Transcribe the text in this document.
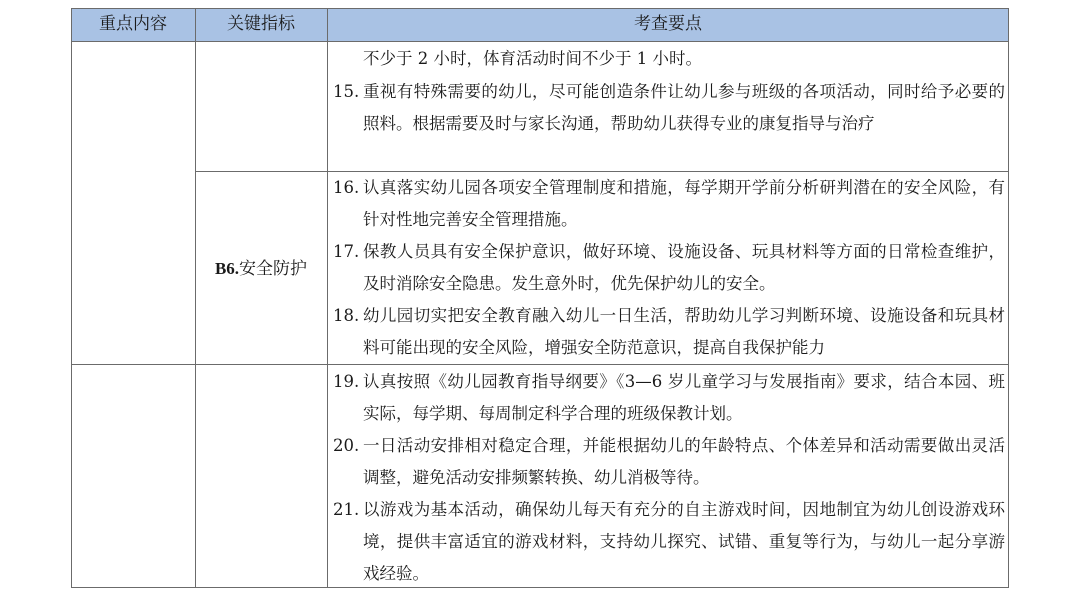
重点内容	关键指标	考查要点
不少于 2 小时，体育活动时间不少于 1 小时。
15. 重视有特殊需要的幼儿，尽可能创造条件让幼儿参与班级的各项活动，同时给予必要的照料。根据需要及时与家长沟通，帮助幼儿获得专业的康复指导与治疗
B6.安全防护
16. 认真落实幼儿园各项安全管理制度和措施，每学期开学前分析研判潜在的安全风险，有针对性地完善安全管理措施。
17. 保教人员具有安全保护意识，做好环境、设施设备、玩具材料等方面的日常检查维护，及时消除安全隐患。发生意外时，优先保护幼儿的安全。
18. 幼儿园切实把安全教育融入幼儿一日生活，帮助幼儿学习判断环境、设施设备和玩具材料可能出现的安全风险，增强安全防范意识，提高自我保护能力
19. 认真按照《幼儿园教育指导纲要》《3—6 岁儿童学习与发展指南》要求，结合本园、班实际，每学期、每周制定科学合理的班级保教计划。
20. 一日活动安排相对稳定合理，并能根据幼儿的年龄特点、个体差异和活动需要做出灵活调整，避免活动安排频繁转换、幼儿消极等待。
21. 以游戏为基本活动，确保幼儿每天有充分的自主游戏时间，因地制宜为幼儿创设游戏环境，提供丰富适宜的游戏材料，支持幼儿探究、试错、重复等行为，与幼儿一起分享游戏经验。
